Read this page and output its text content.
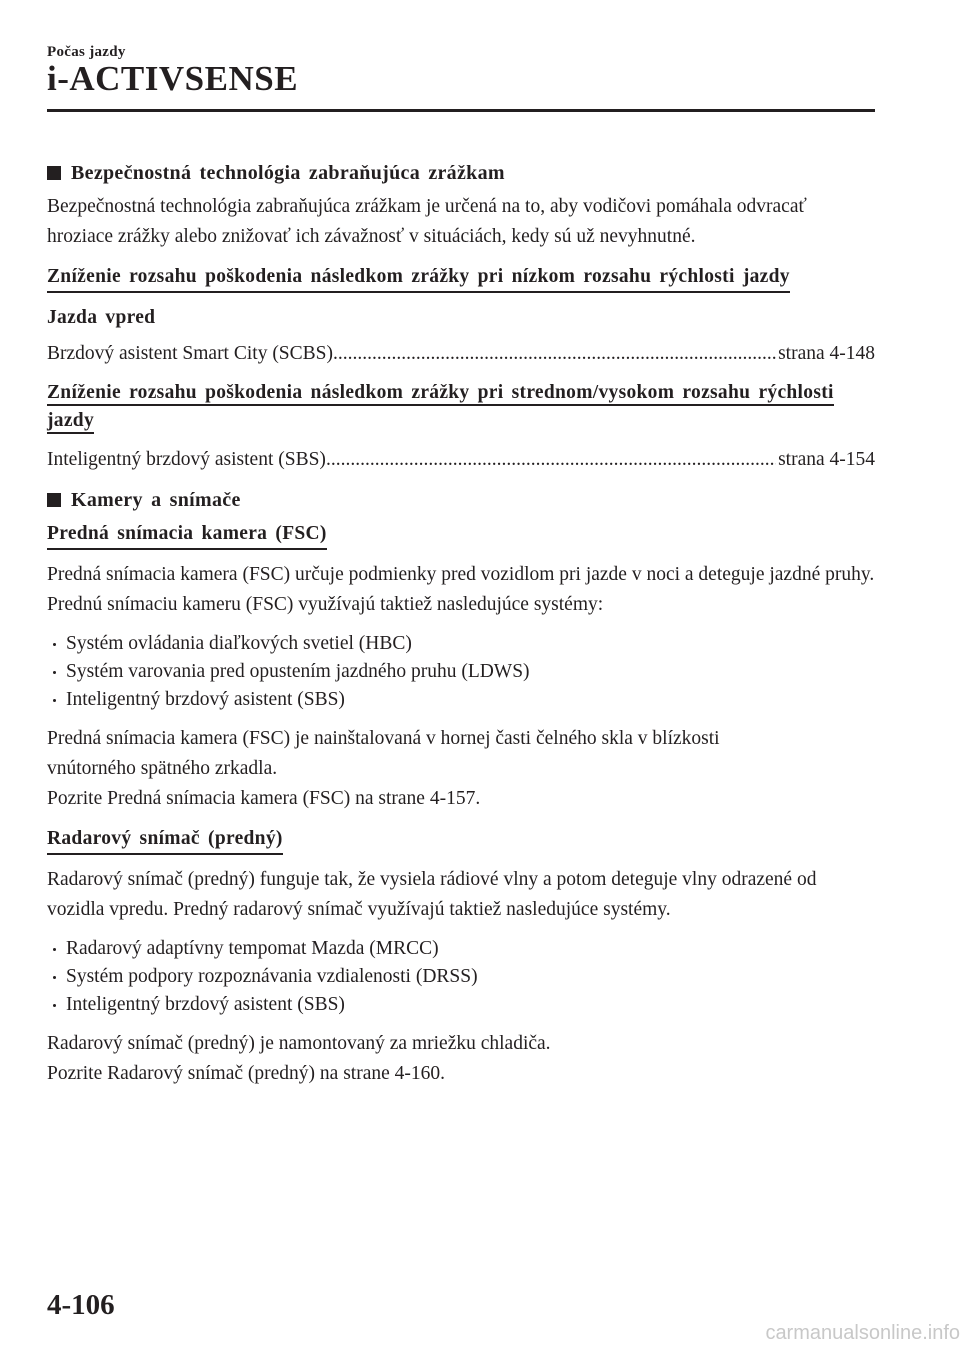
Počas jazdy
i-ACTIVSENSE
Bezpečnostná technológia zabraňujúca zrážkam

Bezpečnostná technológia zabraňujúca zrážkam je určená na to, aby vodičovi pomáhala odvracať hroziace zrážky alebo znižovať ich závažnosť v situáciách, kedy sú už nevyhnutné.

Zníženie rozsahu poškodenia následkom zrážky pri nízkom rozsahu rýchlosti jazdy
Jazda vpred
Brzdový asistent Smart City (SCBS) .....	strana 4-148
Zníženie rozsahu poškodenia následkom zrážky pri strednom/vysokom rozsahu rýchlosti jazdy
Inteligentný brzdový asistent (SBS) .....	strana 4-154
Kamery a snímače
Predná snímacia kamera (FSC)

Predná snímacia kamera (FSC) určuje podmienky pred vozidlom pri jazde v noci a deteguje jazdné pruhy. Prednú snímaciu kameru (FSC) využívajú taktiež nasledujúce systémy:

Systém ovládania diaľkových svetiel (HBC)
Systém varovania pred opustením jazdného pruhu (LDWS)
Inteligentný brzdový asistent (SBS)

Predná snímacia kamera (FSC) je nainštalovaná v hornej časti čelného skla v blízkosti

vnútorného spätného zrkadla.

Pozrite Predná snímacia kamera (FSC) na strane 4-157.

Radarový snímač (predný)

Radarový snímač (predný) funguje tak, že vysiela rádiové vlny a potom deteguje vlny odrazené od vozidla vpredu. Predný radarový snímač využívajú taktiež nasledujúce systémy.

Radarový adaptívny tempomat Mazda (MRCC)
Systém podpory rozpoznávania vzdialenosti (DRSS)
Inteligentný brzdový asistent (SBS)

Radarový snímač (predný) je namontovaný za mriežku chladiča.

Pozrite Radarový snímač (predný) na strane 4-160.

4-106
carmanualsonline.info
